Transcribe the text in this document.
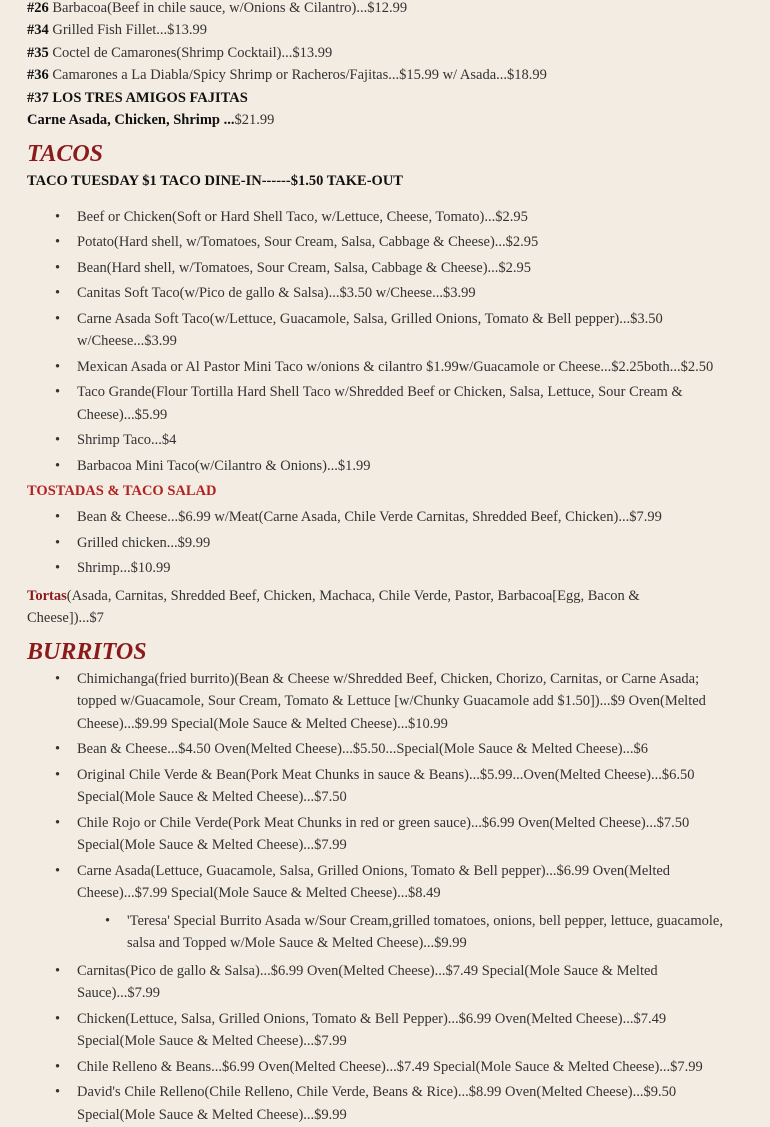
#26 Barbacoa(Beef in chile sauce, w/Onions & Cilantro)...$12.99
#34 Grilled Fish Fillet...$13.99
#35 Coctel de Camarones(Shrimp Cocktail)...$13.99
#36 Camarones a La Diabla/Spicy Shrimp or Racheros/Fajitas...$15.99 w/ Asada...$18.99
#37 LOS TRES AMIGOS FAJITAS
Carne Asada, Chicken, Shrimp ...$21.99
TACOS
TACO TUESDAY $1 TACO DINE-IN------$1.50 TAKE-OUT
• Beef or Chicken(Soft or Hard Shell Taco, w/Lettuce, Cheese, Tomato)...$2.95
• Potato(Hard shell, w/Tomatoes, Sour Cream, Salsa, Cabbage & Cheese)...$2.95
• Bean(Hard shell, w/Tomatoes, Sour Cream, Salsa, Cabbage & Cheese)...$2.95
• Canitas Soft Taco(w/Pico de gallo & Salsa)...$3.50 w/Cheese...$3.99
• Carne Asada Soft Taco(w/Lettuce, Guacamole, Salsa, Grilled Onions, Tomato & Bell pepper)...$3.50 w/Cheese...$3.99
• Mexican Asada or Al Pastor Mini Taco w/onions & cilantro $1.99w/Guacamole or Cheese...$2.25both...$2.50
• Taco Grande(Flour Tortilla Hard Shell Taco w/Shredded Beef or Chicken, Salsa, Lettuce, Sour Cream & Cheese)...$5.99
• Shrimp Taco...$4
• Barbacoa Mini Taco(w/Cilantro & Onions)...$1.99
TOSTADAS & TACO SALAD
• Bean & Cheese...$6.99 w/Meat(Carne Asada, Chile Verde Carnitas, Shredded Beef, Chicken)...$7.99
• Grilled chicken...$9.99
• Shrimp...$10.99
Tortas(Asada, Carnitas, Shredded Beef, Chicken, Machaca, Chile Verde, Pastor, Barbacoa[Egg, Bacon & Cheese])...$7
BURRITOS
• Chimichanga(fried burrito)(Bean & Cheese w/Shredded Beef, Chicken, Chorizo, Carnitas, or Carne Asada; topped w/Guacamole, Sour Cream, Tomato & Lettuce [w/Chunky Guacamole add $1.50])...$9 Oven(Melted Cheese)...$9.99 Special(Mole Sauce & Melted Cheese)...$10.99
• Bean & Cheese...$4.50 Oven(Melted Cheese)...$5.50...Special(Mole Sauce & Melted Cheese)...$6
• Original Chile Verde & Bean(Pork Meat Chunks in sauce & Beans)...$5.99...Oven(Melted Cheese)...$6.50 Special(Mole Sauce & Melted Cheese)...$7.50
• Chile Rojo or Chile Verde(Pork Meat Chunks in red or green sauce)...$6.99 Oven(Melted Cheese)...$7.50 Special(Mole Sauce & Melted Cheese)...$7.99
• Carne Asada(Lettuce, Guacamole, Salsa, Grilled Onions, Tomato & Bell pepper)...$6.99 Oven(Melted Cheese)...$7.99 Special(Mole Sauce & Melted Cheese)...$8.49
• 'Teresa' Special Burrito Asada w/Sour Cream,grilled tomatoes, onions, bell pepper, lettuce, guacamole, salsa and Topped w/Mole Sauce & Melted Cheese)...$9.99
• Carnitas(Pico de gallo & Salsa)...$6.99 Oven(Melted Cheese)...$7.49 Special(Mole Sauce & Melted Sauce)...$7.99
• Chicken(Lettuce, Salsa, Grilled Onions, Tomato & Bell Pepper)...$6.99 Oven(Melted Cheese)...$7.49 Special(Mole Sauce & Melted Cheese)...$7.99
• Chile Relleno & Beans...$6.99 Oven(Melted Cheese)...$7.49 Special(Mole Sauce & Melted Cheese)...$7.99
• David's Chile Relleno(Chile Relleno, Chile Verde, Beans & Rice)...$8.99 Oven(Melted Cheese)...$9.50 Special(Mole Sauce & Melted Cheese)...$9.99
